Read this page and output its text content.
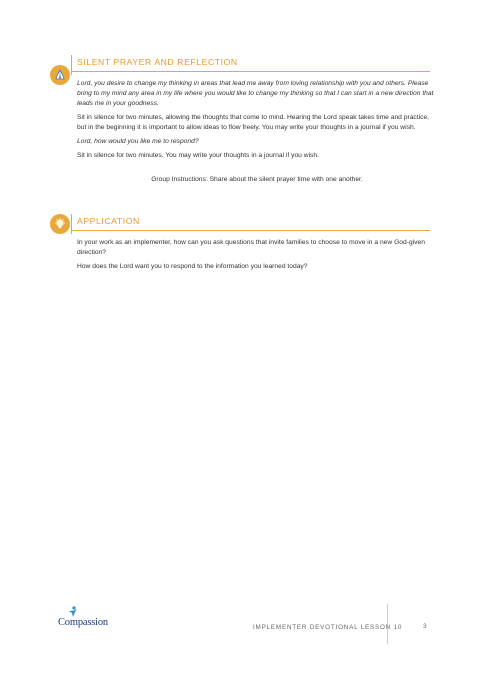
SILENT PRAYER AND REFLECTION

Lord, you desire to change my thinking in areas that lead me away from loving relationship with you and others. Please bring to my mind any area in my life where you would like to change my thinking so that I can start in a new direction that leads me in your goodness.

Sit in silence for two minutes, allowing the thoughts that come to mind. Hearing the Lord speak takes time and practice, but in the beginning it is important to allow ideas to flow freely. You may write your thoughts in a journal if you wish.

Lord, how would you like me to respond?

Sit in silence for two minutes. You may write your thoughts in a journal if you wish.

Group Instructions: Share about the silent prayer time with one another.

APPLICATION

In your work as an implementer, how can you ask questions that invite families to choose to move in a new God-given direction?

How does the Lord want you to respond to the information you learned today?

Compassion	IMPLEMENTER DEVOTIONAL LESSON 10	3
